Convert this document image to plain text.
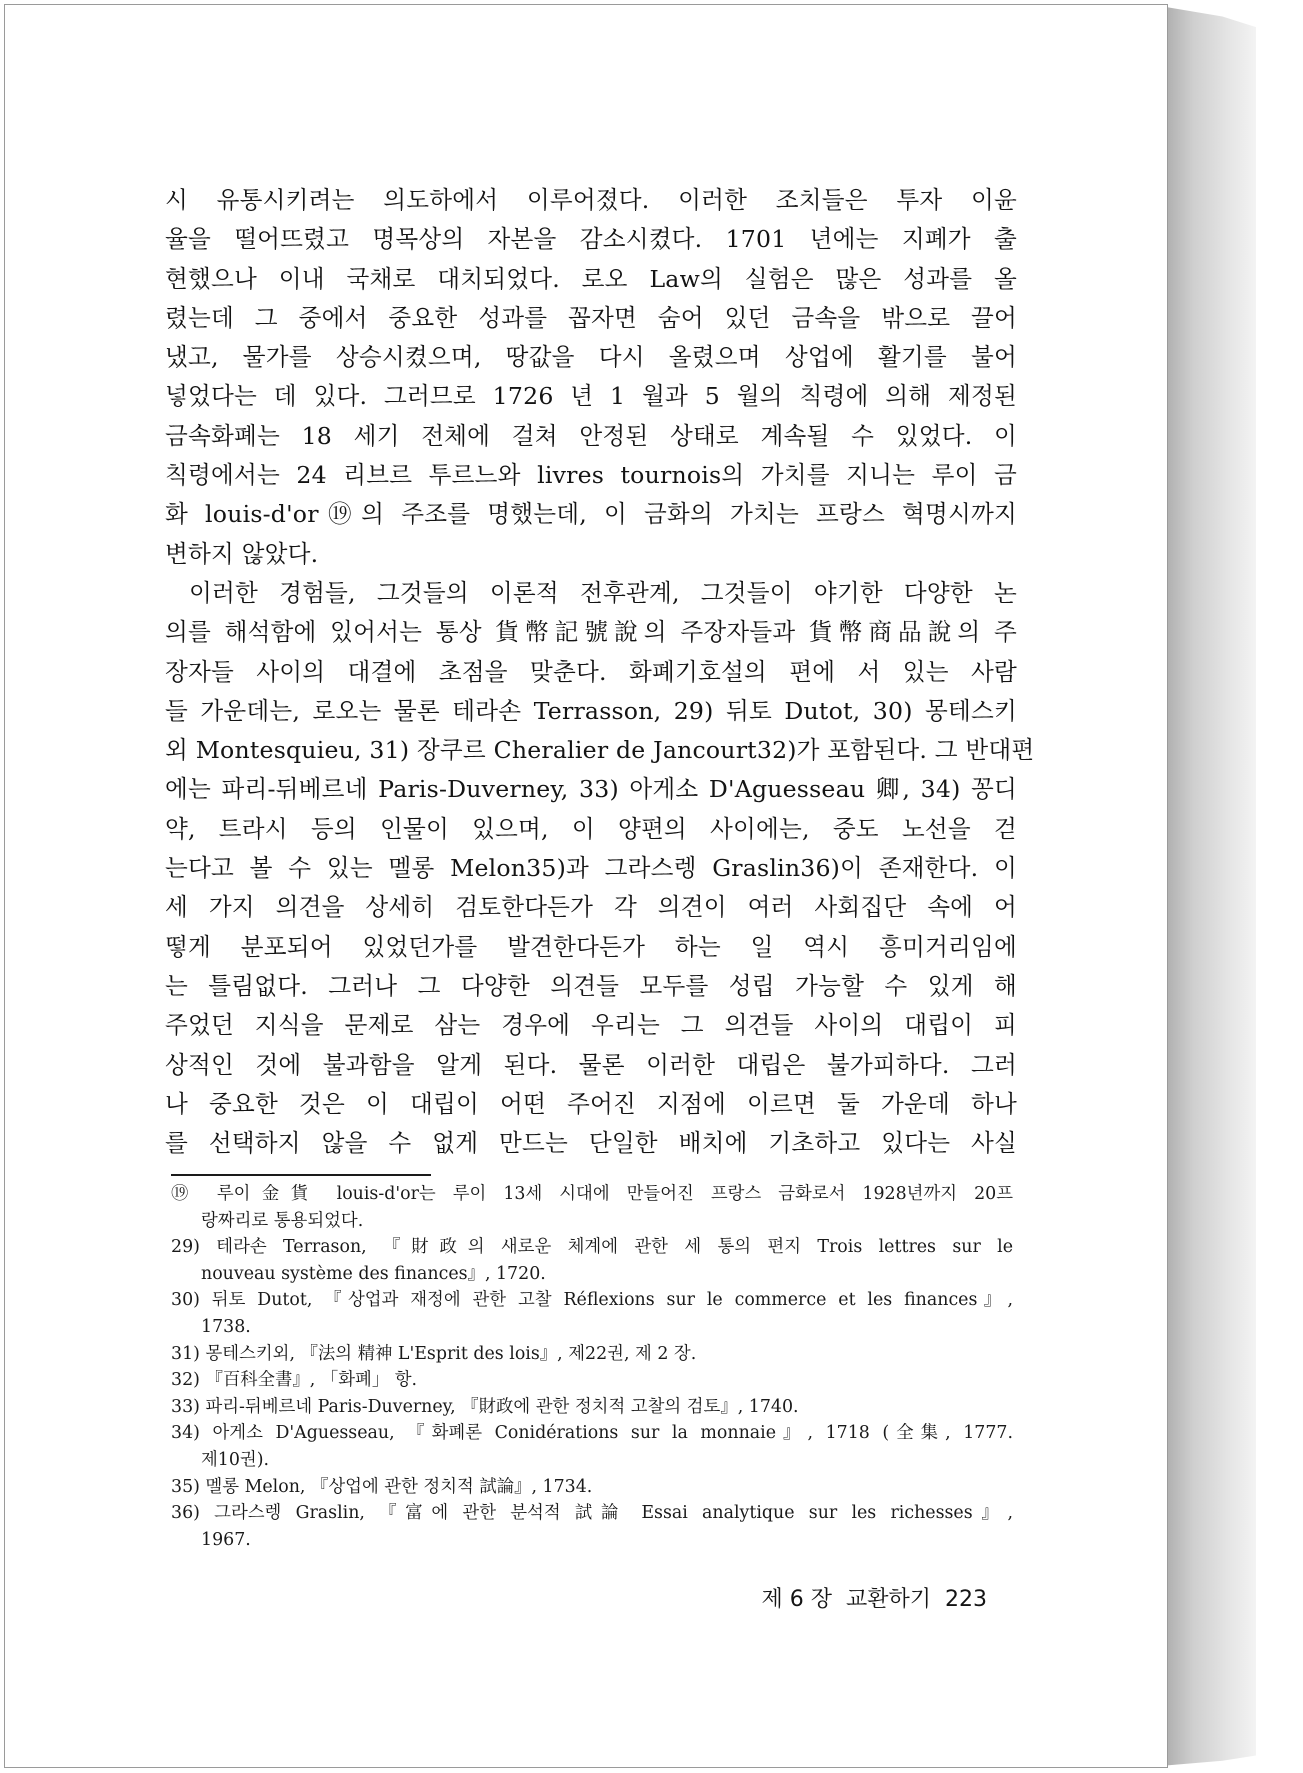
시 유통시키려는 의도하에서 이루어졌다. 이러한 조치들은 투자 이윤
율을 떨어뜨렸고 명목상의 자본을 감소시켰다. 1701 년에는 지폐가 출
현했으나 이내 국채로 대치되었다. 로오 Law의 실험은 많은 성과를 올
렸는데 그 중에서 중요한 성과를 꼽자면 숨어 있던 금속을 밖으로 끌어
냈고, 물가를 상승시켰으며, 땅값을 다시 올렸으며 상업에 활기를 불어
넣었다는 데 있다. 그러므로 1726 년 1 월과 5 월의 칙령에 의해 제정된
금속화폐는 18 세기 전체에 걸쳐 안정된 상태로 계속될 수 있었다. 이
칙령에서는 24 리브르 투르느와 livres tournois의 가치를 지니는 루이 금
화 louis-d'or⑲의 주조를 명했는데, 이 금화의 가치는 프랑스 혁명시까지
변하지 않았다.
이러한 경험들, 그것들의 이론적 전후관계, 그것들이 야기한 다양한 논
의를 해석함에 있어서는 통상 貨幣記號說의 주장자들과 貨幣商品說의 주
장자들 사이의 대결에 초점을 맞춘다. 화폐기호설의 편에 서 있는 사람
들 가운데는, 로오는 물론 테라손 Terrasson, 29) 뒤토 Dutot, 30) 몽테스키
외 Montesquieu, 31) 장쿠르 Cheralier de Jancourt32)가 포함된다. 그 반대편
에는 파리-뒤베르네 Paris-Duverney, 33) 아게소 D'Aguesseau 卿, 34) 꽁디
약, 트라시 등의 인물이 있으며, 이 양편의 사이에는, 중도 노선을 걷
는다고 볼 수 있는 멜롱 Melon35)과 그라스렝 Graslin36)이 존재한다. 이
세 가지 의견을 상세히 검토한다든가 각 의견이 여러 사회집단 속에 어
떻게 분포되어 있었던가를 발견한다든가 하는 일 역시 흥미거리임에
는 틀림없다. 그러나 그 다양한 의견들 모두를 성립 가능할 수 있게 해
주었던 지식을 문제로 삼는 경우에 우리는 그 의견들 사이의 대립이 피
상적인 것에 불과함을 알게 된다. 물론 이러한 대립은 불가피하다. 그러
나 중요한 것은 이 대립이 어떤 주어진 지점에 이르면 둘 가운데 하나
를 선택하지 않을 수 없게 만드는 단일한 배치에 기초하고 있다는 사실
⑲ 루이金貨 louis-d'or는 루이 13세 시대에 만들어진 프랑스 금화로서 1928년까지 20프
랑짜리로 통용되었다.
29) 테라손 Terrason, 『財政의 새로운 체계에 관한 세 통의 편지 Trois lettres sur le
nouveau système des finances』, 1720.
30) 뒤토 Dutot, 『상업과 재정에 관한 고찰 Réflexions sur le commerce et les finances』,
1738.
31) 몽테스키외, 『法의 精神 L'Esprit des lois』, 제22권, 제 2 장.
32) 『百科全書』, 「화폐」 항.
33) 파리-뒤베르네 Paris-Duverney, 『財政에 관한 정치적 고찰의 검토』, 1740.
34) 아게소 D'Aguesseau, 『화폐론 Conidérations sur la monnaie』, 1718 (全集, 1777.
제10권).
35) 멜롱 Melon, 『상업에 관한 정치적 試論』, 1734.
36) 그라스렝 Graslin, 『富에 관한 분석적 試論 Essai analytique sur les richesses』,
1967.
제 6 장 교환하기 223
